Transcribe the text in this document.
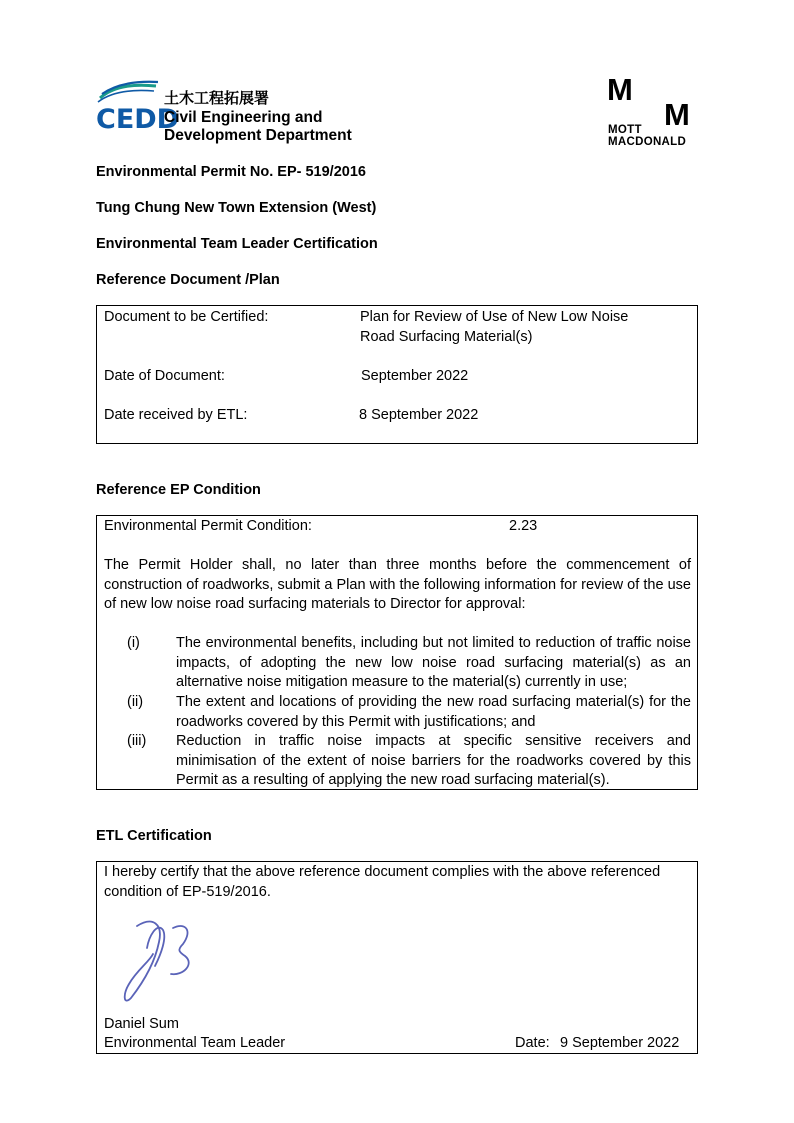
CEDD
土木工程拓展署
Civil Engineering and
Development Department
M
M
MOTT
MACDONALD
Environmental Permit No. EP- 519/2016
Tung Chung New Town Extension (West)
Environmental Team Leader Certification
Reference Document /Plan
Document to be Certified:	Plan for Review of Use of New Low Noise
Road Surfacing Material(s)
Date of Document:	September 2022
Date received by ETL:	8 September 2022
Reference EP Condition
Environmental Permit Condition:	2.23
The Permit Holder shall, no later than three months before the commencement of construction of roadworks, submit a Plan with the following information for review of the use of new low noise road surfacing materials to Director for approval:
(i) The environmental benefits, including but not limited to reduction of traffic noise impacts, of adopting the new low noise road surfacing material(s) as an alternative noise mitigation measure to the material(s) currently in use;
(ii) The extent and locations of providing the new road surfacing material(s) for the roadworks covered by this Permit with justifications; and
(iii) Reduction in traffic noise impacts at specific sensitive receivers and minimisation of the extent of noise barriers for the roadworks covered by this Permit as a resulting of applying the new road surfacing material(s).
ETL Certification
I hereby certify that the above reference document complies with the above referenced condition of EP-519/2016.
Daniel Sum
Environmental Team Leader	Date: 9 September 2022
